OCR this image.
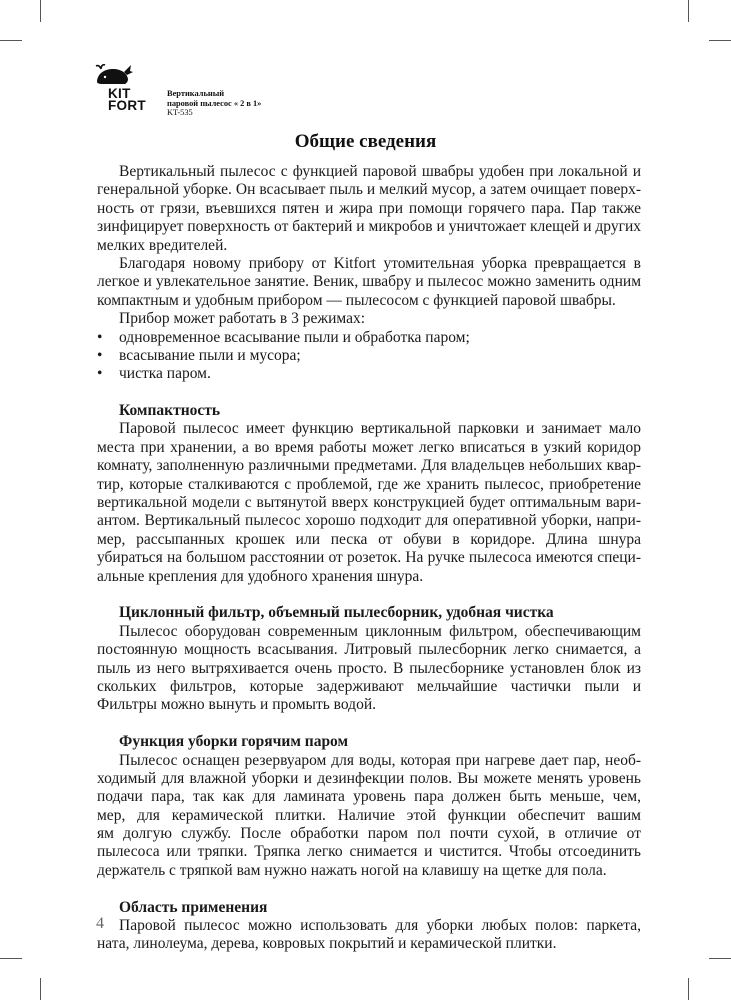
KIT
FORT
Вертикальный
паровой пылесос « 2 в 1»
KT-535
Общие сведения
Вертикальный пылесос с функцией паровой швабры удобен при локальной и
генеральной уборке. Он всасывает пыль и мелкий мусор, а затем очищает поверх-
ность от грязи, въевшихся пятен и жира при помощи горячего пара. Пар также
зинфицирует поверхность от бактерий и микробов и уничтожает клещей и других
мелких вредителей.
Благодаря новому прибору от Kitfort утомительная уборка превращается в
легкое и увлекательное занятие. Веник, швабру и пылесос можно заменить одним
компактным и удобным прибором — пылесосом с функцией паровой швабры.
Прибор может работать в 3 режимах:
• одновременное всасывание пыли и обработка паром;
• всасывание пыли и мусора;
• чистка паром.
Компактность
Паровой пылесос имеет функцию вертикальной парковки и занимает мало
места при хранении, а во время работы может легко вписаться в узкий коридор
комнату, заполненную различными предметами. Для владельцев небольших квар-
тир, которые сталкиваются с проблемой, где же хранить пылесос, приобретение
вертикальной модели с вытянутой вверх конструкцией будет оптимальным вари-
антом. Вертикальный пылесос хорошо подходит для оперативной уборки, напри-
мер, рассыпанных крошек или песка от обуви в коридоре. Длина шнура
убираться на большом расстоянии от розеток. На ручке пылесоса имеются специ-
альные крепления для удобного хранения шнура.
Циклонный фильтр, объемный пылесборник, удобная чистка
Пылесос оборудован современным циклонным фильтром, обеспечивающим
постоянную мощность всасывания. Литровый пылесборник легко снимается, а
пыль из него вытряхивается очень просто. В пылесборнике установлен блок из
скольких фильтров, которые задерживают мельчайшие частички пыли и
Фильтры можно вынуть и промыть водой.
Функция уборки горячим паром
Пылесос оснащен резервуаром для воды, которая при нагреве дает пар, необ-
ходимый для влажной уборки и дезинфекции полов. Вы можете менять уровень
подачи пара, так как для ламината уровень пара должен быть меньше, чем,
мер, для керамической плитки. Наличие этой функции обеспечит вашим
ям долгую службу. После обработки паром пол почти сухой, в отличие от
пылесоса или тряпки. Тряпка легко снимается и чистится. Чтобы отсоединить
держатель с тряпкой вам нужно нажать ногой на клавишу на щетке для пола.
Область применения
Паровой пылесос можно использовать для уборки любых полов: паркета,
ната, линолеума, дерева, ковровых покрытий и керамической плитки.
4
